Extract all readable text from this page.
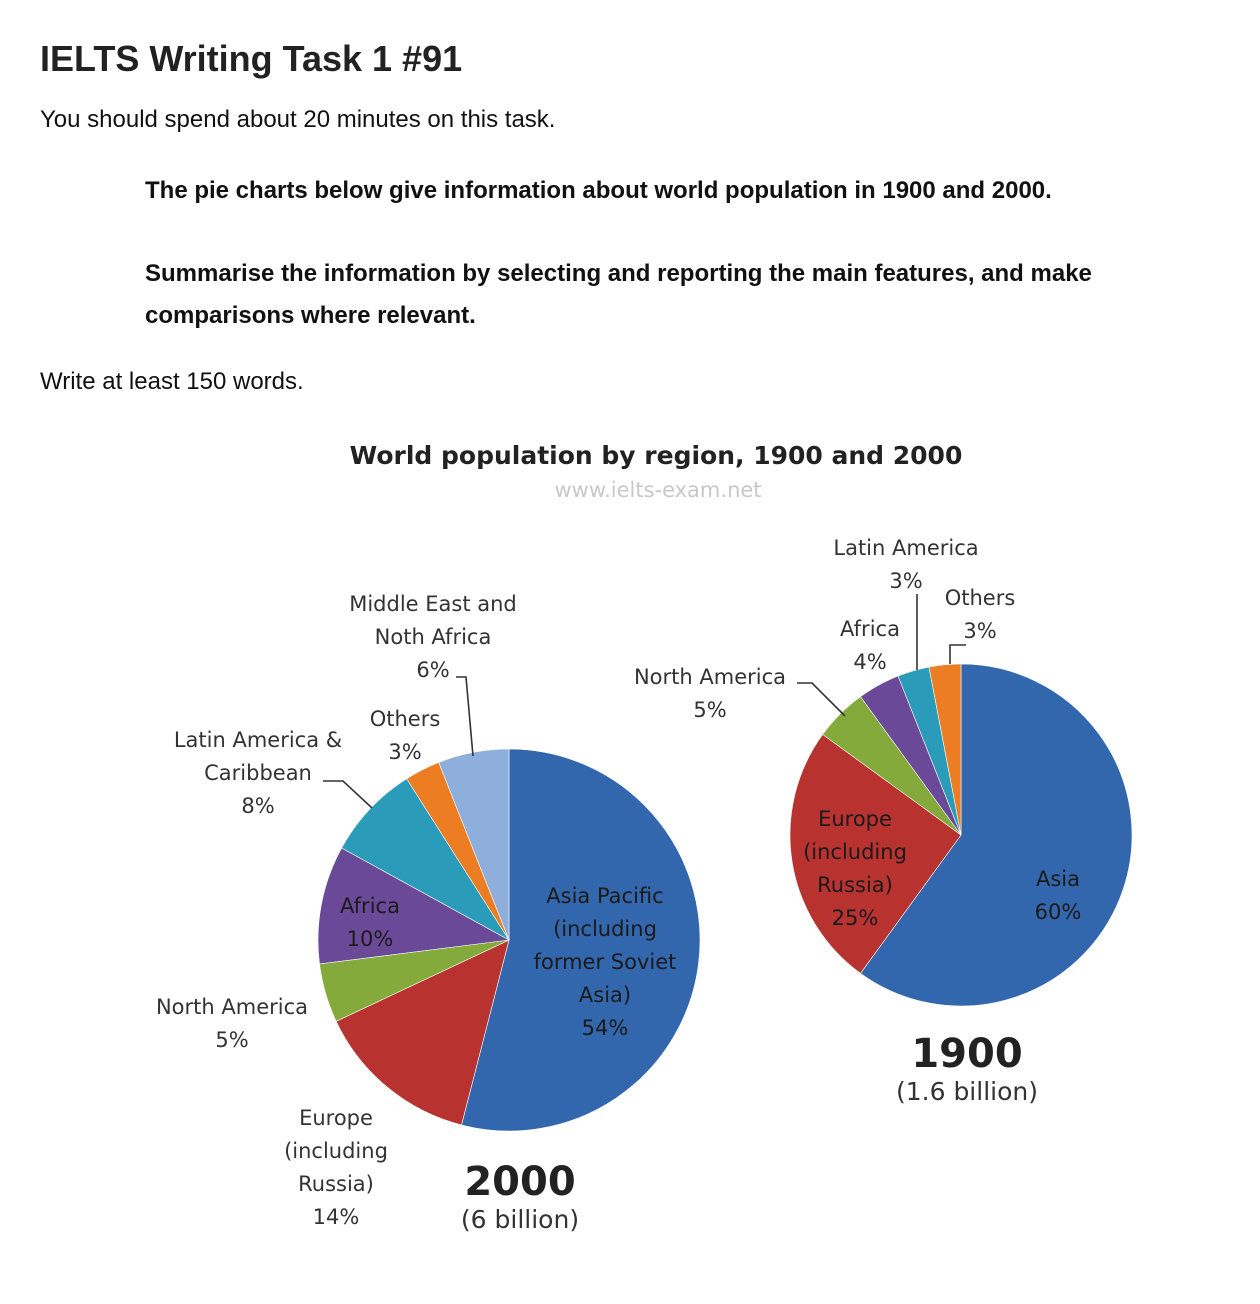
IELTS Writing Task 1 #91

You should spend about 20 minutes on this task.

The pie charts below give information about world population in 1900 and 2000.

Summarise the information by selecting and reporting the main features, and make comparisons where relevant.

Write at least 150 words.

World population by region, 1900 and 2000
www.ielts-exam.net
Asia Pacific
(including
former Soviet
Asia)
54%
Europe
(including
Russia)
14%
North America
5%
Africa
10%
Latin America &
Caribbean
8%
Others
3%
Middle East and
Noth Africa
6%
2000
(6 billion)
Asia
60%
Europe
(including
Russia)
25%
North America
5%
Africa
4%
Latin America
3%
Others
3%
1900
(1.6 billion)
